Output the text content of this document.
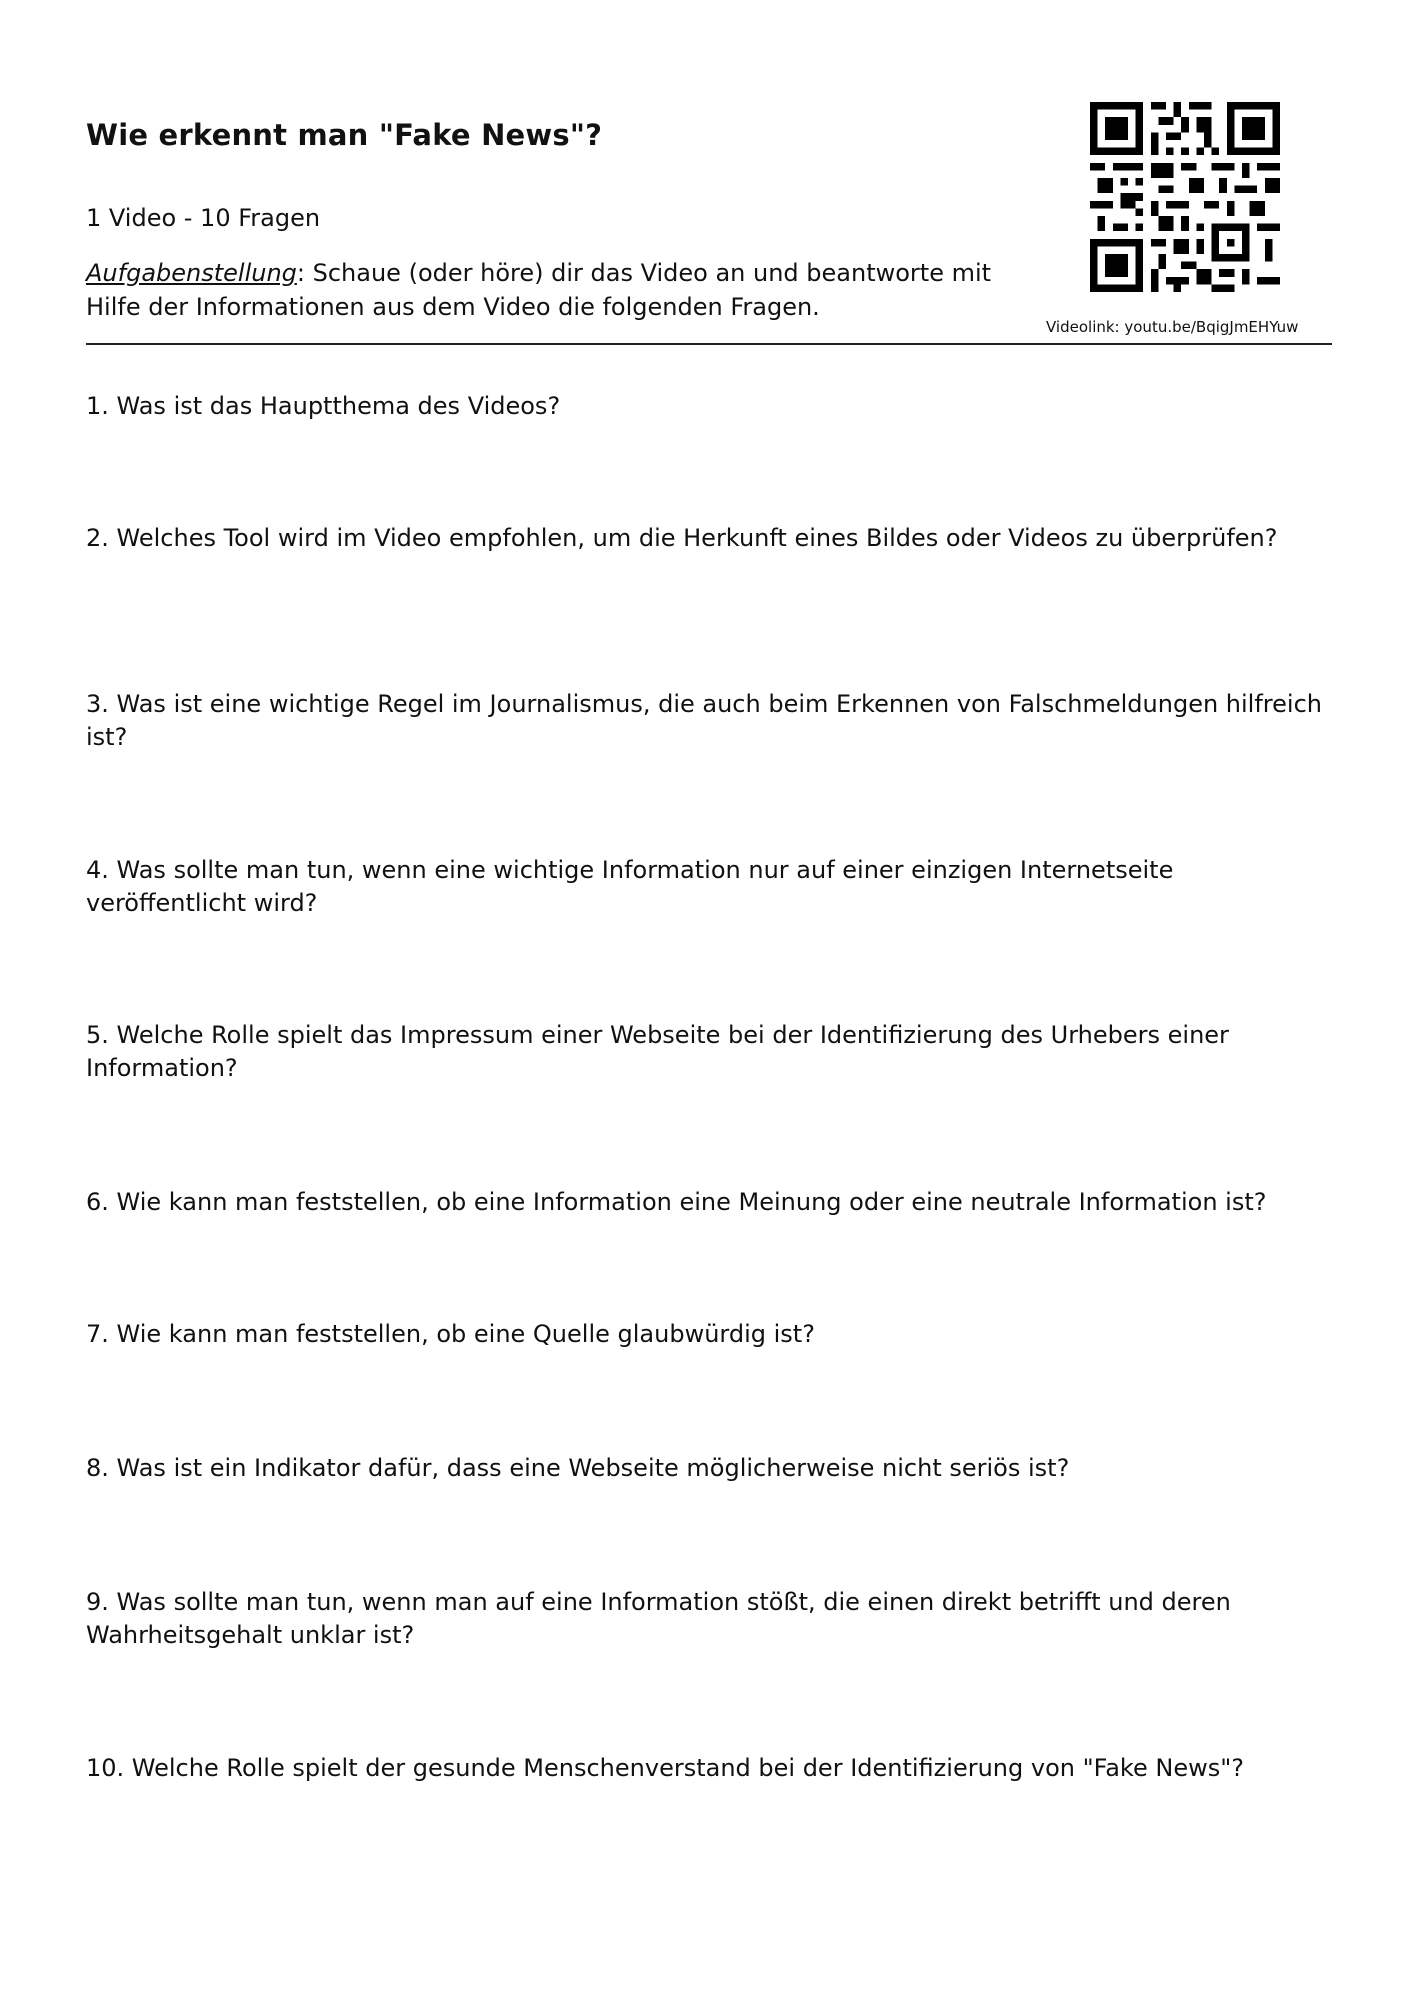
Wie erkennt man "Fake News"?

1 Video - 10 Fragen

Aufgabenstellung: Schaue (oder höre) dir das Video an und beantworte mit Hilfe der Informationen aus dem Video die folgenden Fragen.

Videolink: youtu.be/BqigJmEHYuw

1. Was ist das Hauptthema des Videos?

2. Welches Tool wird im Video empfohlen, um die Herkunft eines Bildes oder Videos zu überprüfen?

3. Was ist eine wichtige Regel im Journalismus, die auch beim Erkennen von Falschmeldungen hilfreich ist?

4. Was sollte man tun, wenn eine wichtige Information nur auf einer einzigen Internetseite veröffentlicht wird?

5. Welche Rolle spielt das Impressum einer Webseite bei der Identifizierung des Urhebers einer Information?

6. Wie kann man feststellen, ob eine Information eine Meinung oder eine neutrale Information ist?

7. Wie kann man feststellen, ob eine Quelle glaubwürdig ist?

8. Was ist ein Indikator dafür, dass eine Webseite möglicherweise nicht seriös ist?

9. Was sollte man tun, wenn man auf eine Information stößt, die einen direkt betrifft und deren Wahrheitsgehalt unklar ist?

10. Welche Rolle spielt der gesunde Menschenverstand bei der Identifizierung von "Fake News"?
